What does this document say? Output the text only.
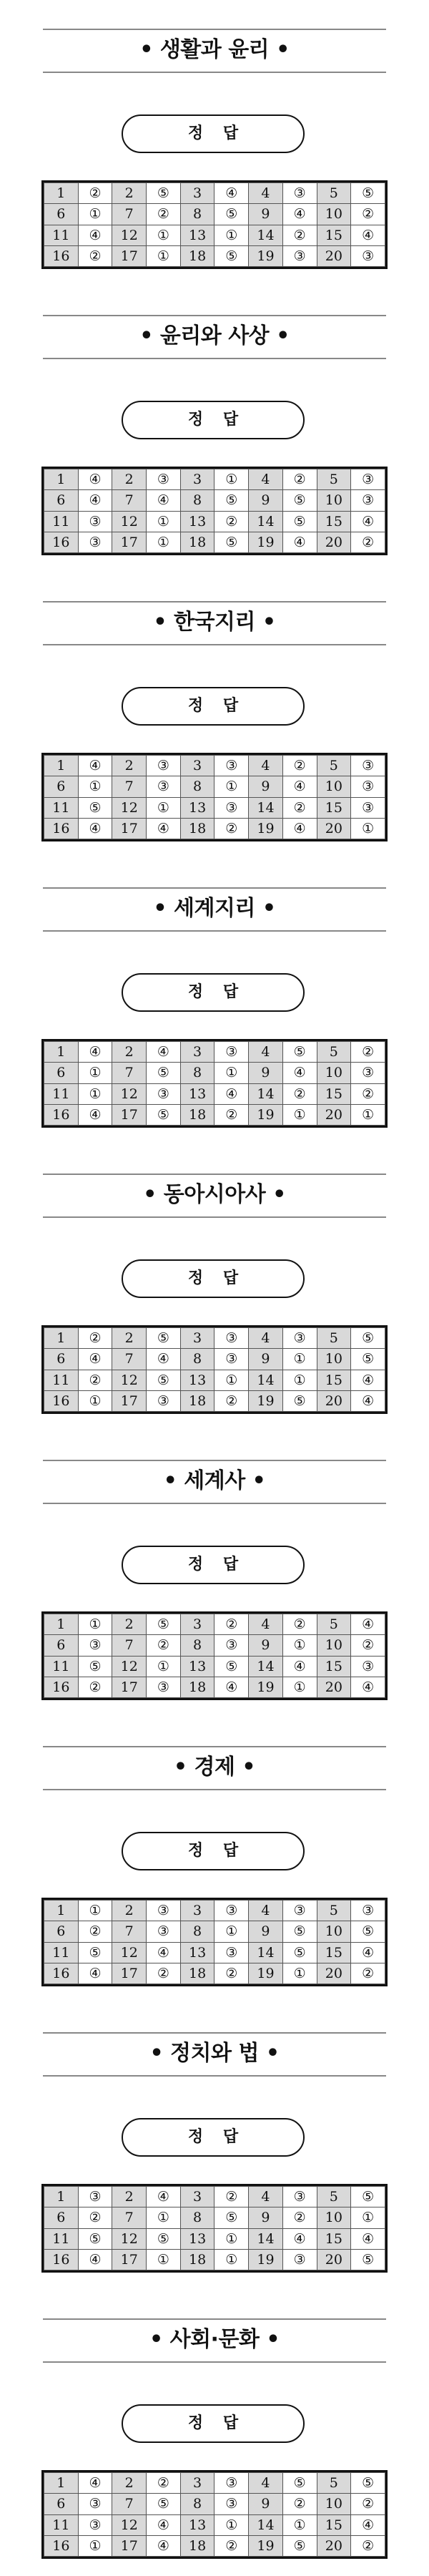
• 생활과 윤리 •
정 답
1	②	2	⑤	3	④	4	③	5	⑤
6	①	7	②	8	⑤	9	④	10	②
11	④	12	①	13	①	14	②	15	④
16	②	17	①	18	⑤	19	③	20	③
• 윤리와 사상 •
정 답
1	④	2	③	3	①	4	②	5	③
6	④	7	④	8	⑤	9	⑤	10	③
11	③	12	①	13	②	14	⑤	15	④
16	③	17	①	18	⑤	19	④	20	②
• 한국지리 •
정 답
1	④	2	③	3	③	4	②	5	③
6	①	7	③	8	①	9	④	10	③
11	⑤	12	①	13	③	14	②	15	③
16	④	17	④	18	②	19	④	20	①
• 세계지리 •
정 답
1	④	2	④	3	③	4	⑤	5	②
6	①	7	⑤	8	①	9	④	10	③
11	①	12	③	13	④	14	②	15	②
16	④	17	⑤	18	②	19	①	20	①
• 동아시아사 •
정 답
1	②	2	⑤	3	③	4	③	5	⑤
6	④	7	④	8	③	9	①	10	⑤
11	②	12	⑤	13	①	14	①	15	④
16	①	17	③	18	②	19	⑤	20	④
• 세계사 •
정 답
1	①	2	⑤	3	②	4	②	5	④
6	③	7	②	8	③	9	①	10	②
11	⑤	12	①	13	⑤	14	④	15	③
16	②	17	③	18	④	19	①	20	④
• 경제 •
정 답
1	①	2	③	3	③	4	③	5	③
6	②	7	③	8	①	9	⑤	10	⑤
11	⑤	12	④	13	③	14	⑤	15	④
16	④	17	②	18	②	19	①	20	②
• 정치와 법 •
정 답
1	③	2	④	3	②	4	③	5	⑤
6	②	7	①	8	⑤	9	②	10	①
11	⑤	12	⑤	13	①	14	④	15	④
16	④	17	①	18	①	19	③	20	⑤
• 사회·문화 •
정 답
1	④	2	②	3	③	4	⑤	5	⑤
6	③	7	⑤	8	③	9	②	10	②
11	③	12	④	13	①	14	①	15	④
16	①	17	④	18	②	19	⑤	20	②
